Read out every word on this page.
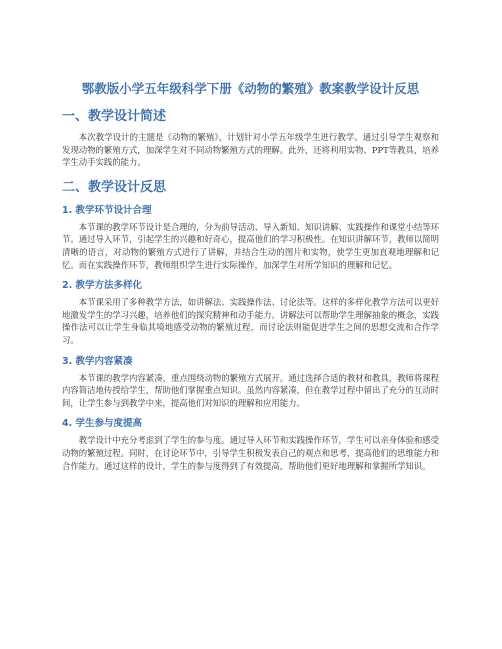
鄂教版小学五年级科学下册《动物的繁殖》教案教学设计反思
一、教学设计简述

本次教学设计的主题是《动物的繁殖》，计划针对小学五年级学生进行教学。通过引导学生观察和发现动物的繁殖方式，加深学生对不同动物繁殖方式的理解。此外，还将利用实物、PPT等教具，培养学生动手实践的能力。

二、教学设计反思
1. 教学环节设计合理

本节课的教学环节设计是合理的，分为前导活动、导入新知、知识讲解、实践操作和课堂小结等环节。通过导入环节，引起学生的兴趣和好奇心，提高他们的学习积极性。在知识讲解环节，教师以简明清晰的语言，对动物的繁殖方式进行了讲解，并结合生动的图片和实物，使学生更加直观地理解和记忆。而在实践操作环节，教师组织学生进行实际操作，加深学生对所学知识的理解和记忆。

2. 教学方法多样化

本节课采用了多种教学方法，如讲解法、实践操作法、讨论法等。这样的多样化教学方法可以更好地激发学生的学习兴趣，培养他们的探究精神和动手能力。讲解法可以帮助学生理解抽象的概念，实践操作法可以让学生身临其境地感受动物的繁殖过程，而讨论法则能促进学生之间的思想交流和合作学习。

3. 教学内容紧凑

本节课的教学内容紧凑，重点围绕动物的繁殖方式展开。通过选择合适的教材和教具，教师将课程内容简洁地传授给学生，帮助他们掌握重点知识。虽然内容紧凑，但在教学过程中留出了充分的互动时间，让学生参与到教学中来，提高他们对知识的理解和应用能力。

4. 学生参与度提高

教学设计中充分考虑到了学生的参与度。通过导入环节和实践操作环节，学生可以亲身体验和感受动物的繁殖过程。同时，在讨论环节中，引导学生积极发表自己的观点和思考，提高他们的思维能力和合作能力。通过这样的设计，学生的参与度得到了有效提高，帮助他们更好地理解和掌握所学知识。
